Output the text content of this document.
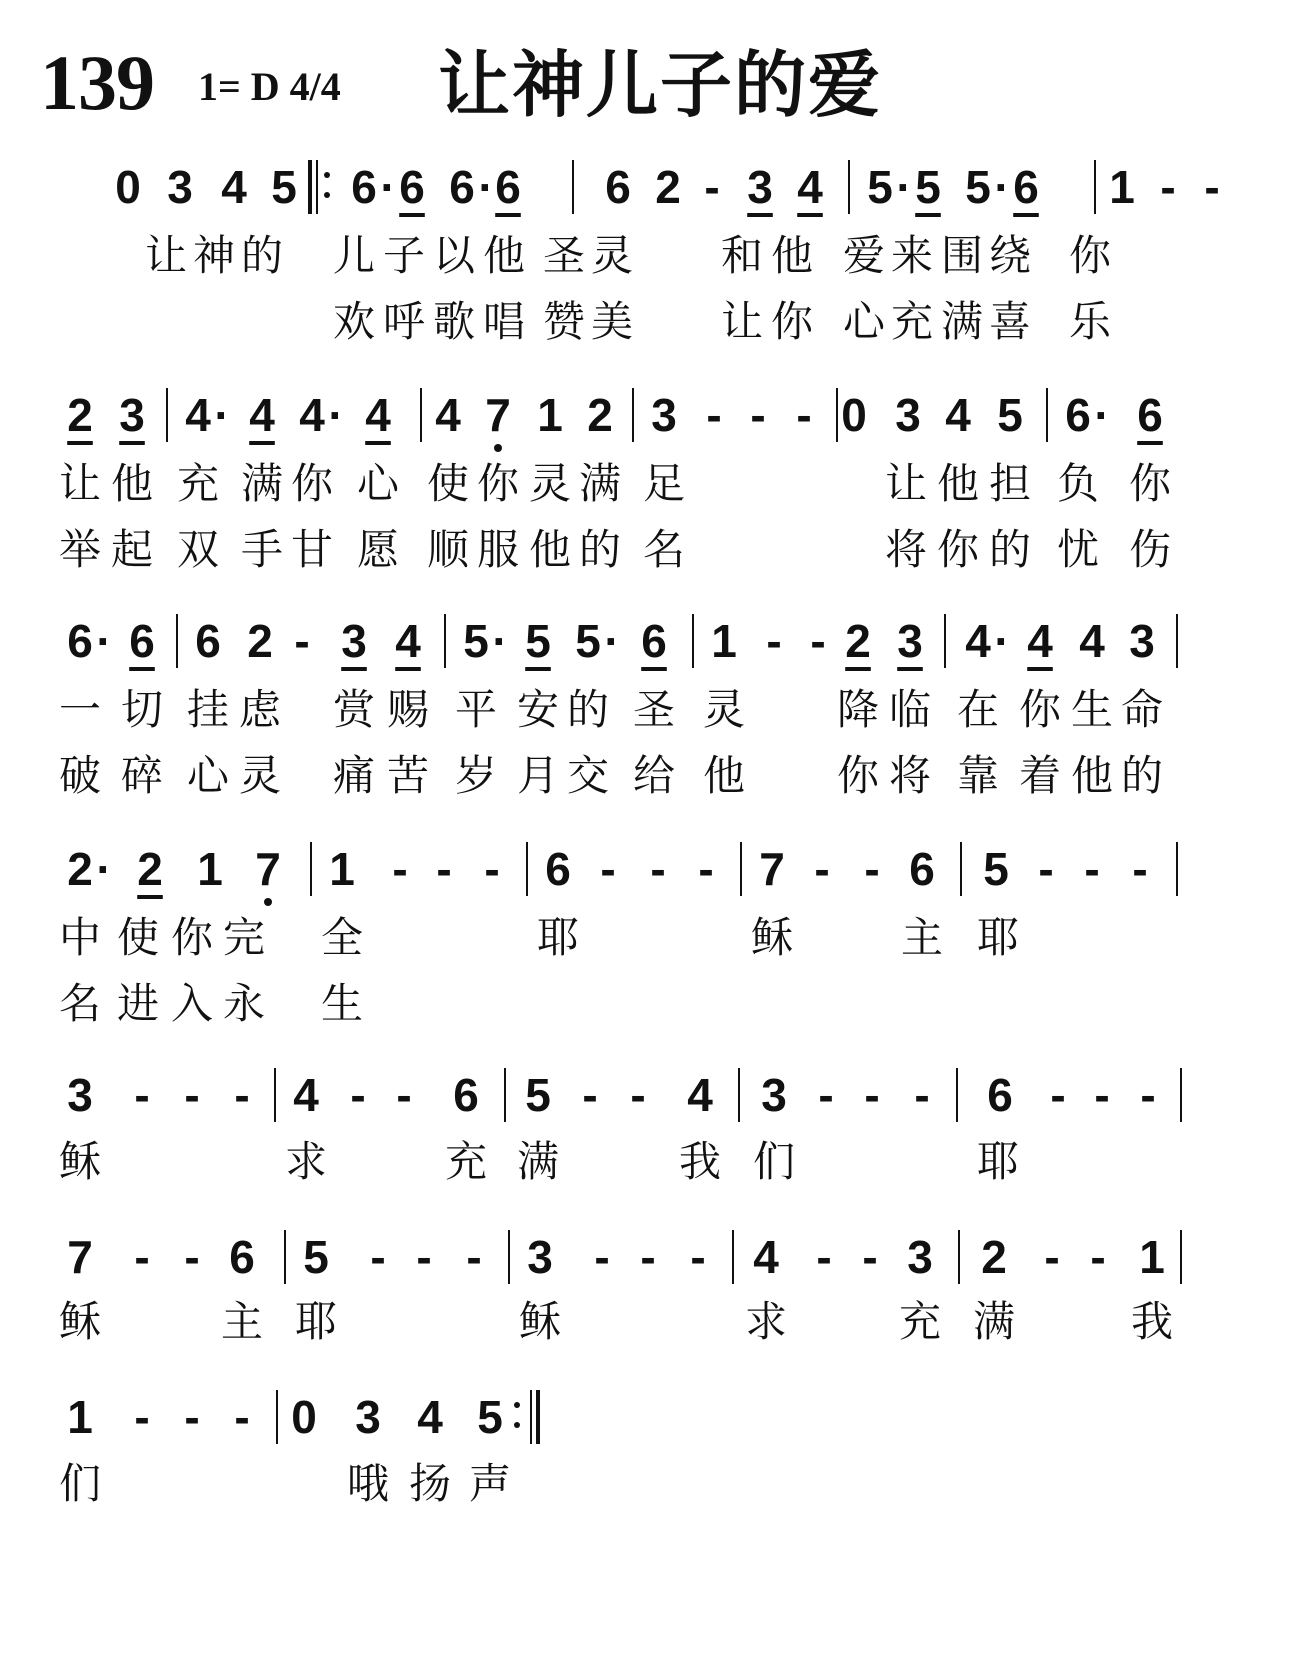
139 1= D 4/4 让神儿子的爱
0 3 4 5 6 · 6 6 · 6 6 2 - 3 4 5 · 5 5 · 6 1 - -
让 神 的 儿 子 以 他 圣 灵 和 他 爱 来 围 绕 你
欢 呼 歌 唱 赞 美 让 你 心 充 满 喜 乐
2 3 4 · 4 4 · 4 4 7 1 2 3 - - - 0 3 4 5 6 · 6
让 他 充 满 你 心 使 你 灵 满 足	让 他 担 负 你
举 起 双 手 甘 愿 顺 服 他 的 名	将 你 的 忧 伤
6 · 6 6 2 - 3 4 5 · 5 5 · 6 1 - - 2 3 4 · 4 4 3
一 切 挂 虑 赏 赐 平 安 的 圣 灵 降 临 在 你 生 命
破 碎 心 灵 痛 苦 岁 月 交 给 他 你 将 靠 着 他 的
2 · 2 1 7 1 - - - 6 - - - 7 - - 6 5 - - -
中 使 你 完 全	耶	稣	主 耶
名 进 入 永 生
3 - - - 4 - - 6 5 - - 4 3 - - - 6 - - -
稣	求	充 满	我 们	耶
7 - - 6 5 - - - 3 - - - 4 - - 3 2 - - 1
稣	主 耶	稣	求	充 满	我
1 - - - 0 3 4 5
们	哦 扬 声
